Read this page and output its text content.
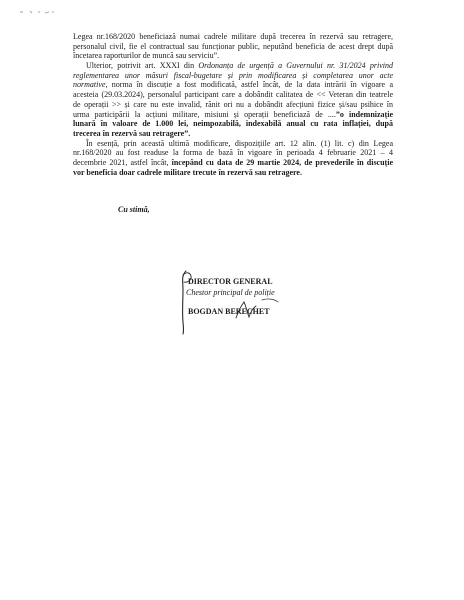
Legea nr.168/2020 beneficiază numai cadrele militare după trecerea în rezervă sau retragere,
personalul civil, fie el contractual sau funcționar public, neputând beneficia de acest drept după
încetarea raporturilor de muncă sau serviciu”.
Ulterior, potrivit art. XXXI din Ordonanța de urgență a Guvernului nr. 31/2024 privind
reglementarea unor măsuri fiscal-bugetare și prin modificarea și completarea unor acte
normative, norma în discuție a fost modificată, astfel încât, de la data intrării în vigoare a
acesteia (29.03.2024), personalul participant care a dobândit calitatea de << Veteran din teatrele
de operații >> și care nu este invalid, rănit ori nu a dobândit afecțiuni fizice și/sau psihice în
urma participării la acțiuni militare, misiuni și operații beneficiază de ....”o indemnizație
lunară în valoare de 1.000 lei, neimpozabilă, indexabilă anual cu rata inflației, după
trecerea în rezervă sau retragere”.
În esență, prin această ultimă modificare, dispozițiile art. 12 alin. (1) lit. c) din Legea
nr.168/2020 au fost readuse la forma de bază în vigoare în perioada 4 februarie 2021 – 4
decembrie 2021, astfel încât, începând cu data de 29 martie 2024, de prevederile în discuție
vor beneficia doar cadrele militare trecute în rezervă sau retragere.
Cu stimă,
DIRECTOR GENERAL
Chestor principal de poliție
BOGDAN BERECHET
